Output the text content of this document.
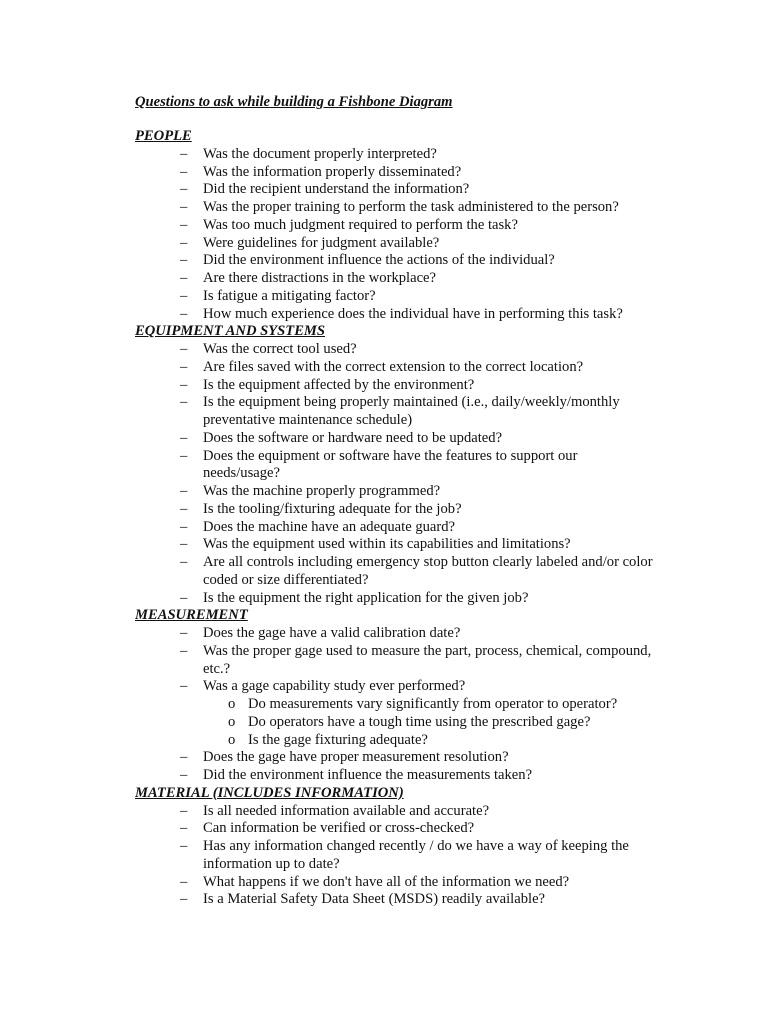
Questions to ask while building a Fishbone Diagram
PEOPLE
– Was the document properly interpreted?
– Was the information properly disseminated?
– Did the recipient understand the information?
– Was the proper training to perform the task administered to the person?
– Was too much judgment required to perform the task?
– Were guidelines for judgment available?
– Did the environment influence the actions of the individual?
– Are there distractions in the workplace?
– Is fatigue a mitigating factor?
– How much experience does the individual have in performing this task?
EQUIPMENT AND SYSTEMS
– Was the correct tool used?
– Are files saved with the correct extension to the correct location?
– Is the equipment affected by the environment?
– Is the equipment being properly maintained (i.e., daily/weekly/monthly preventative maintenance schedule)
– Does the software or hardware need to be updated?
– Does the equipment or software have the features to support our needs/usage?
– Was the machine properly programmed?
– Is the tooling/fixturing adequate for the job?
– Does the machine have an adequate guard?
– Was the equipment used within its capabilities and limitations?
– Are all controls including emergency stop button clearly labeled and/or color coded or size differentiated?
– Is the equipment the right application for the given job?
MEASUREMENT
– Does the gage have a valid calibration date?
– Was the proper gage used to measure the part, process, chemical, compound, etc.?
– Was a gage capability study ever performed?
o Do measurements vary significantly from operator to operator?
o Do operators have a tough time using the prescribed gage?
o Is the gage fixturing adequate?
– Does the gage have proper measurement resolution?
– Did the environment influence the measurements taken?
MATERIAL (INCLUDES INFORMATION)
– Is all needed information available and accurate?
– Can information be verified or cross-checked?
– Has any information changed recently / do we have a way of keeping the information up to date?
– What happens if we don't have all of the information we need?
– Is a Material Safety Data Sheet (MSDS) readily available?
